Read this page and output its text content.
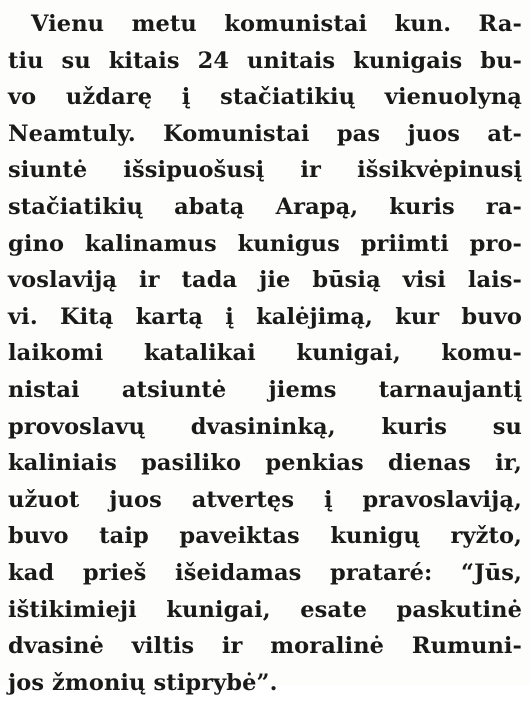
Vienu metu komunistai kun. Ra-
tiu su kitais 24 unitais kunigais bu-
vo uždarę į stačiatikių vienuolyną
Neamtuly. Komunistai pas juos at-
siuntė išsipuošusį ir išsikvėpinusį
stačiatikių abatą Arapą, kuris ra-
gino kalinamus kunigus priimti pro-
voslaviją ir tada jie būsią visi lais-
vi. Kitą kartą į kalėjimą, kur buvo
laikomi katalikai kunigai, komu-
nistai atsiuntė jiems tarnaujantį
provoslavų dvasininką, kuris su
kaliniais pasiliko penkias dienas ir,
užuot juos atvertęs į pravoslaviją,
buvo taip paveiktas kunigų ryžto,
kad prieš išeidamas prataré: “Jūs,
ištikimieji kunigai, esate paskutinė
dvasinė viltis ir moralinė Rumuni-
jos žmonių stiprybė”.
